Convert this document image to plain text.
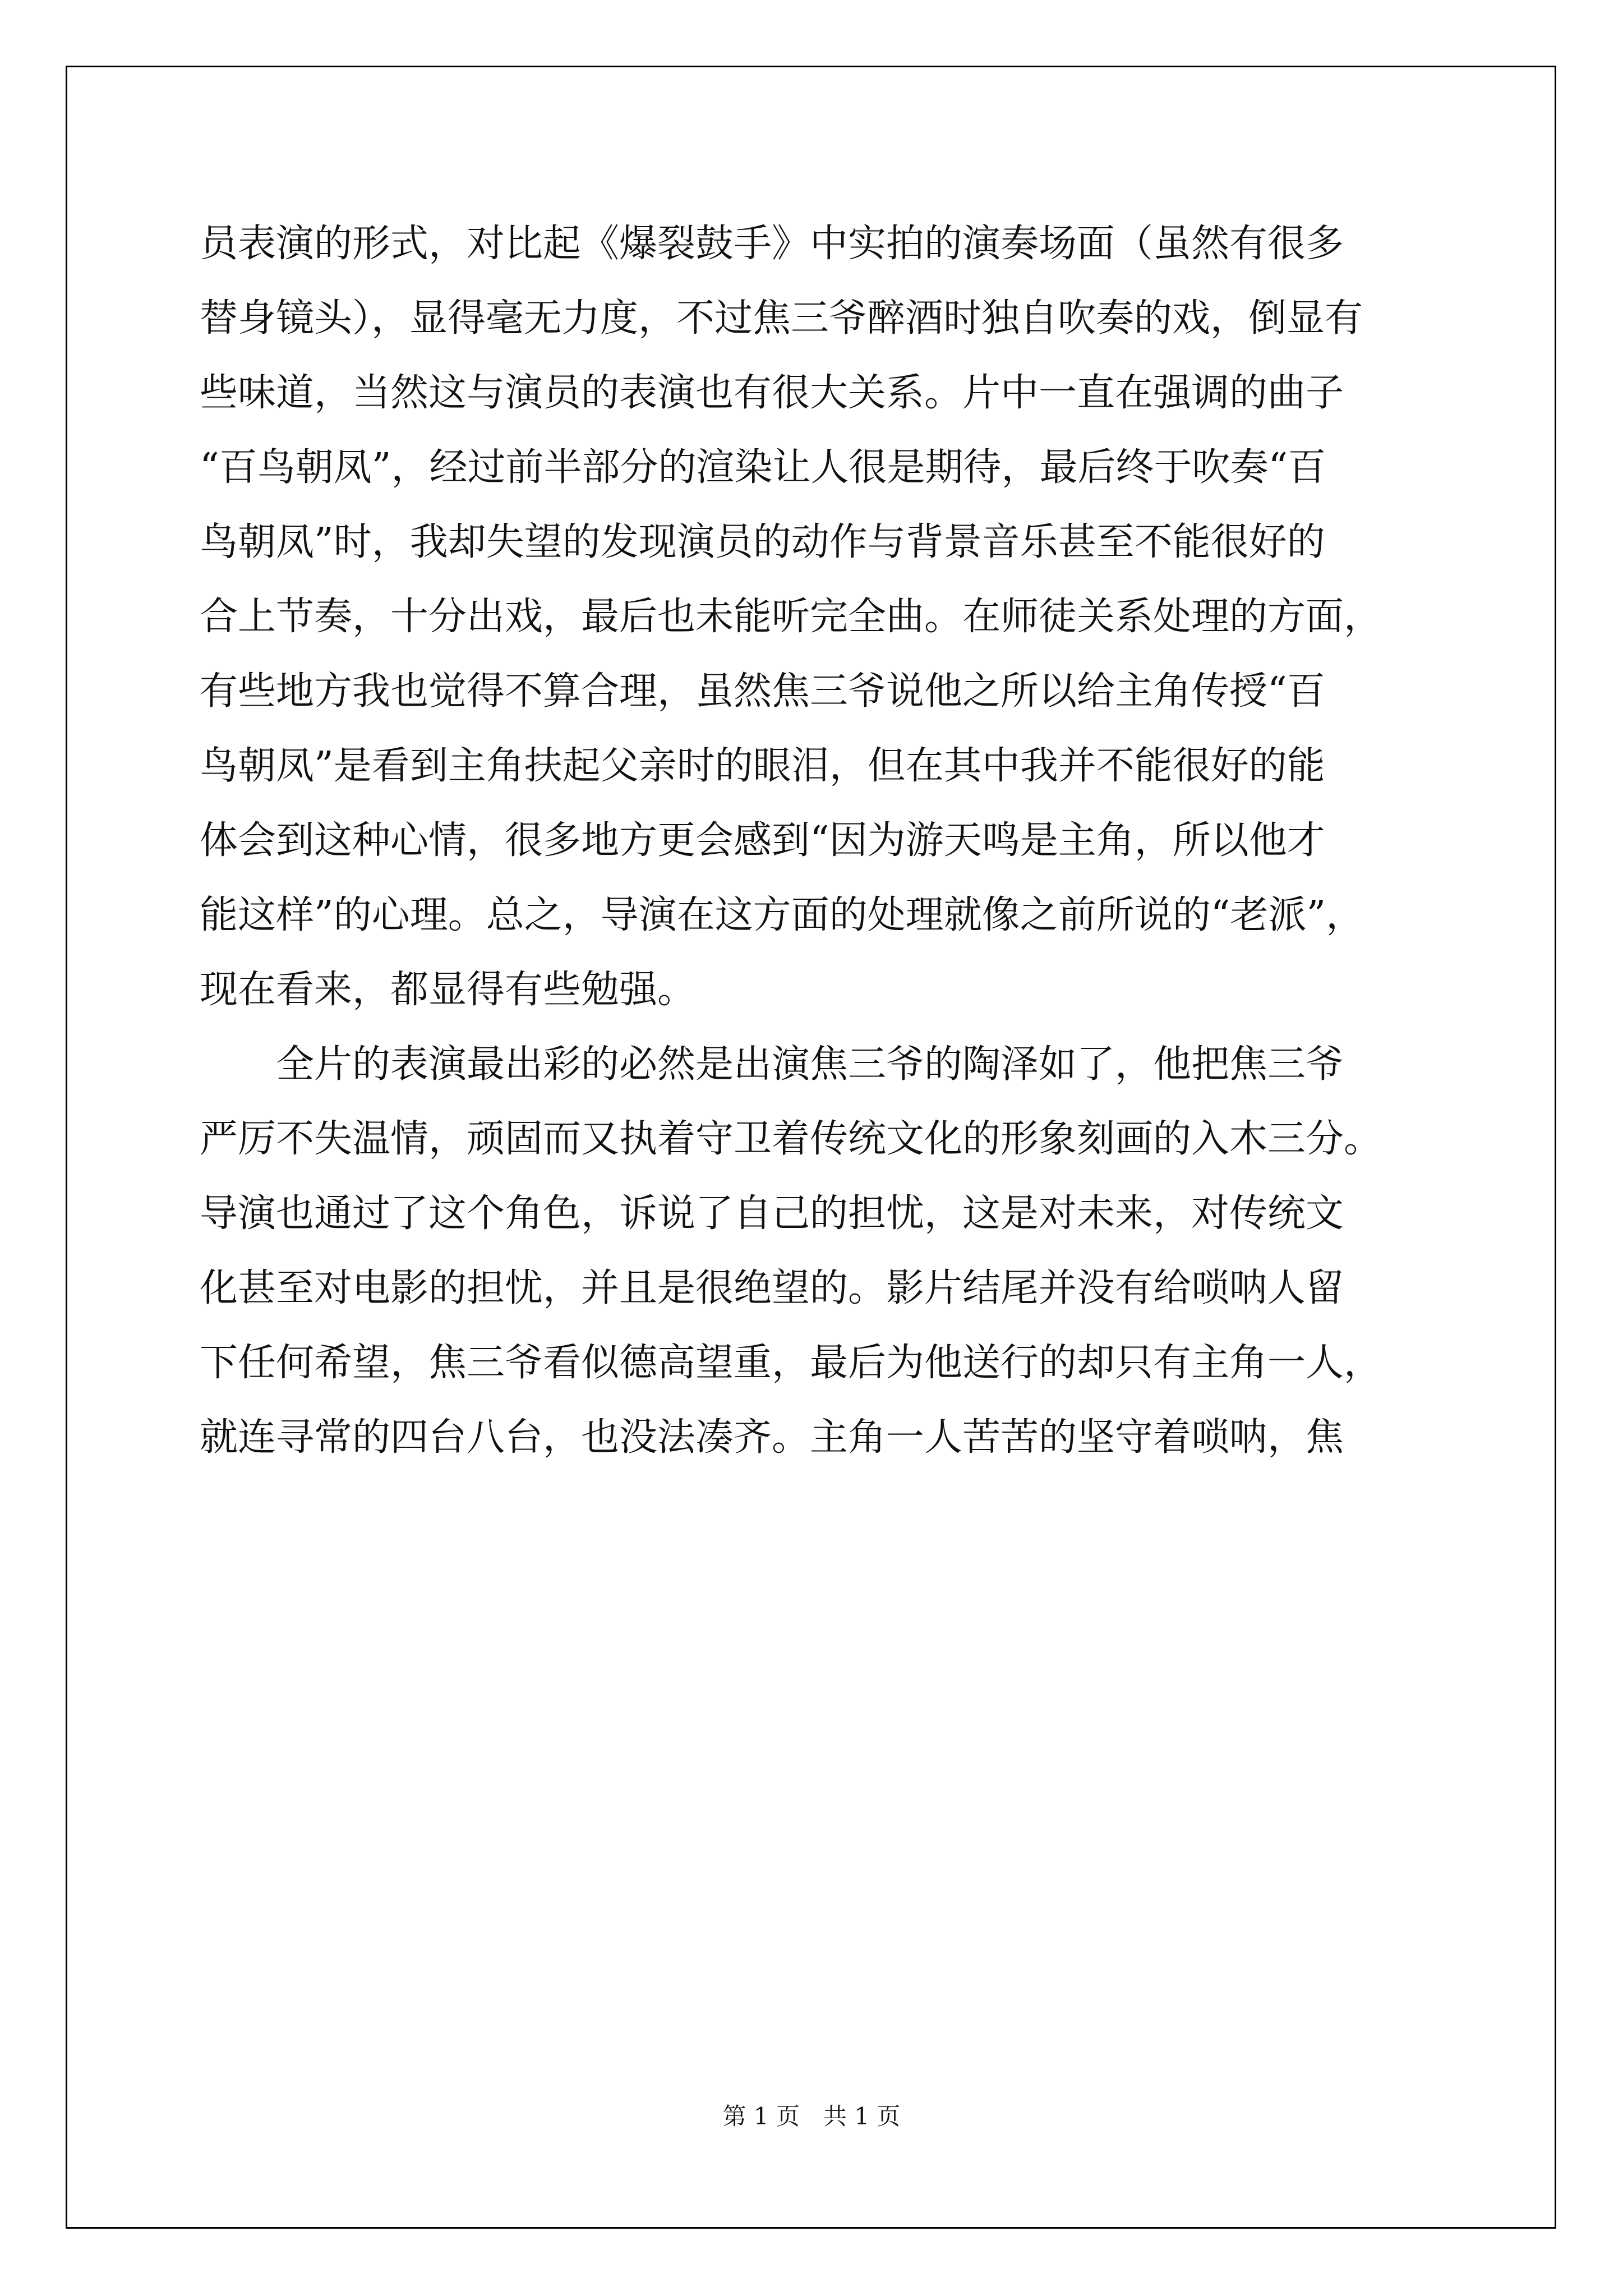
员表演的形式，对比起《爆裂鼓手》中实拍的演奏场面（虽然有很多
替身镜头），显得毫无力度，不过焦三爷醉酒时独自吹奏的戏，倒显有
些味道，当然这与演员的表演也有很大关系。片中一直在强调的曲子
“百鸟朝凤”，经过前半部分的渲染让人很是期待，最后终于吹奏“百
鸟朝凤”时，我却失望的发现演员的动作与背景音乐甚至不能很好的
合上节奏，十分出戏，最后也未能听完全曲。在师徒关系处理的方面，
有些地方我也觉得不算合理，虽然焦三爷说他之所以给主角传授“百
鸟朝凤”是看到主角扶起父亲时的眼泪，但在其中我并不能很好的能
体会到这种心情，很多地方更会感到“因为游天鸣是主角，所以他才
能这样”的心理。总之，导演在这方面的处理就像之前所说的“老派”，
现在看来，都显得有些勉强。
全片的表演最出彩的必然是出演焦三爷的陶泽如了，他把焦三爷
严厉不失温情，顽固而又执着守卫着传统文化的形象刻画的入木三分。
导演也通过了这个角色，诉说了自己的担忧，这是对未来，对传统文
化甚至对电影的担忧，并且是很绝望的。影片结尾并没有给唢呐人留
下任何希望，焦三爷看似德高望重，最后为他送行的却只有主角一人，
就连寻常的四台八台，也没法凑齐。主角一人苦苦的坚守着唢呐，焦
第 1 页　共 1 页
